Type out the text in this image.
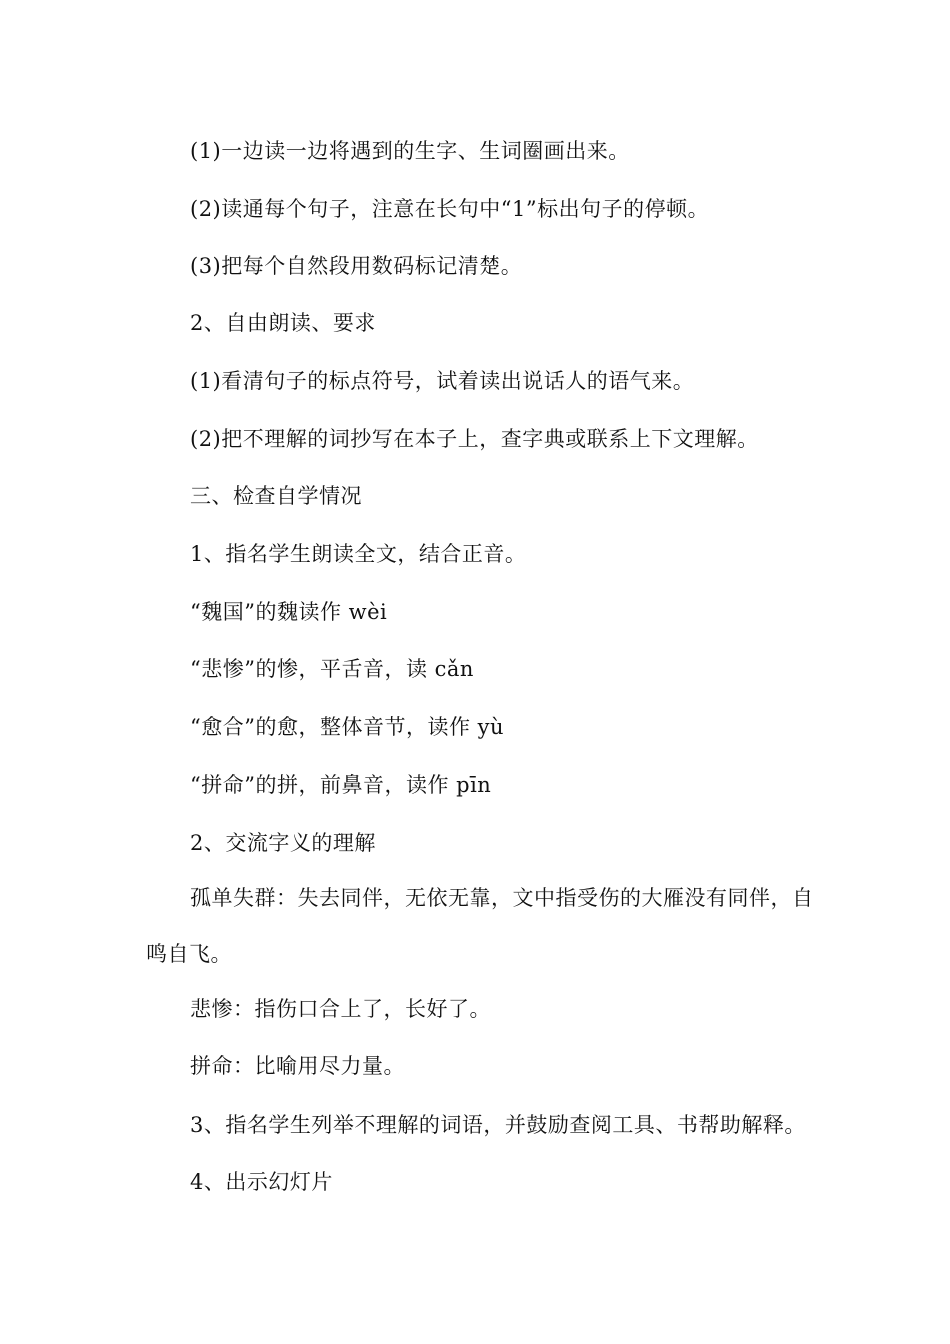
(1)一边读一边将遇到的生字、生词圈画出来。
(2)读通每个句子，注意在长句中“1”标出句子的停顿。
(3)把每个自然段用数码标记清楚。
2、自由朗读、要求
(1)看清句子的标点符号，试着读出说话人的语气来。
(2)把不理解的词抄写在本子上，查字典或联系上下文理解。
三、检查自学情况
1、指名学生朗读全文，结合正音。
“魏国”的魏读作 wèi
“悲惨”的惨，平舌音，读 cǎn
“愈合”的愈，整体音节，读作 yù
“拼命”的拼，前鼻音，读作 pīn
2、交流字义的理解
孤单失群：失去同伴，无依无靠，文中指受伤的大雁没有同伴，自鸣自飞。
悲惨：指伤口合上了，长好了。
拼命：比喻用尽力量。
3、指名学生列举不理解的词语，并鼓励查阅工具、书帮助解释。
4、出示幻灯片
